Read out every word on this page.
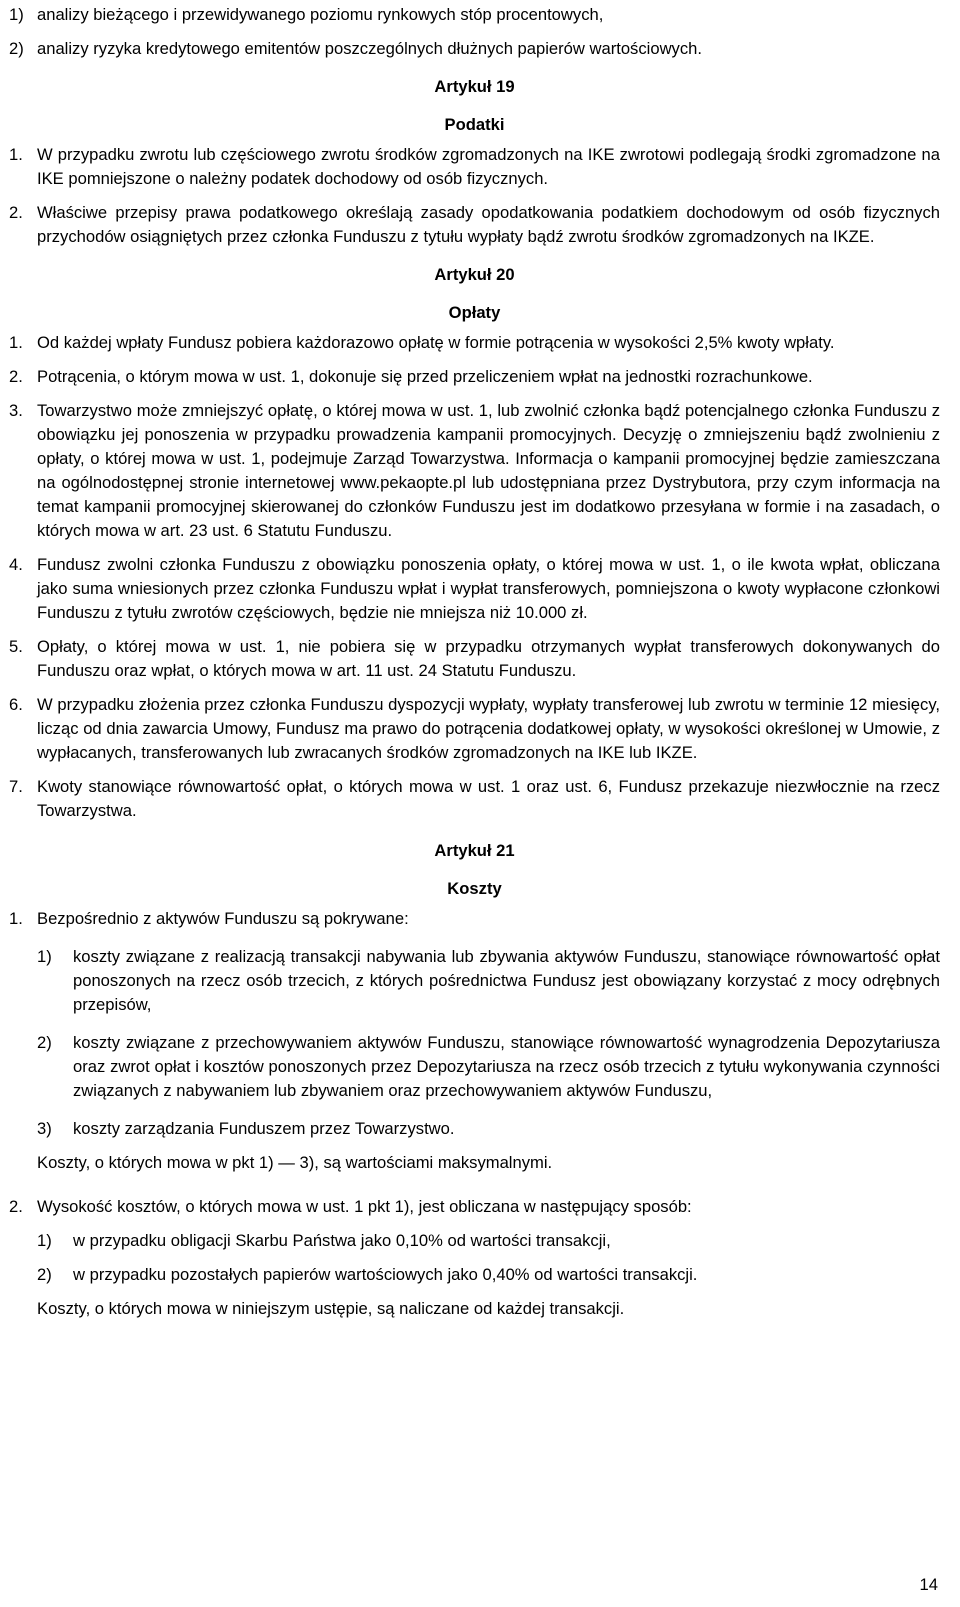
1) analizy bieżącego i przewidywanego poziomu rynkowych stóp procentowych,
2) analizy ryzyka kredytowego emitentów poszczególnych dłużnych papierów wartościowych.
Artykuł 19
Podatki
1. W przypadku zwrotu lub częściowego zwrotu środków zgromadzonych na IKE zwrotowi podlegają środki zgromadzone na IKE pomniejszone o należny podatek dochodowy od osób fizycznych.
2. Właściwe przepisy prawa podatkowego określają zasady opodatkowania podatkiem dochodowym od osób fizycznych przychodów osiągniętych przez członka Funduszu z tytułu wypłaty bądź zwrotu środków zgromadzonych na IKZE.
Artykuł 20
Opłaty
1. Od każdej wpłaty Fundusz pobiera każdorazowo opłatę w formie potrącenia w wysokości 2,5% kwoty wpłaty.
2. Potrącenia, o którym mowa w ust. 1, dokonuje się przed przeliczeniem wpłat na jednostki rozrachunkowe.
3. Towarzystwo może zmniejszyć opłatę, o której mowa w ust. 1, lub zwolnić członka bądź potencjalnego członka Funduszu z obowiązku jej ponoszenia w przypadku prowadzenia kampanii promocyjnych. Decyzję o zmniejszeniu bądź zwolnieniu z opłaty, o której mowa w ust. 1, podejmuje Zarząd Towarzystwa. Informacja o kampanii promocyjnej będzie zamieszczana na ogólnodostępnej stronie internetowej www.pekaopte.pl lub udostępniana przez Dystrybutora, przy czym informacja na temat kampanii promocyjnej skierowanej do członków Funduszu jest im dodatkowo przesyłana w formie i na zasadach, o których mowa w art. 23 ust. 6 Statutu Funduszu.
4. Fundusz zwolni członka Funduszu z obowiązku ponoszenia opłaty, o której mowa w ust. 1, o ile kwota wpłat, obliczana jako suma wniesionych przez członka Funduszu wpłat i wypłat transferowych, pomniejszona o kwoty wypłacone członkowi Funduszu z tytułu zwrotów częściowych, będzie nie mniejsza niż 10.000 zł.
5. Opłaty, o której mowa w ust. 1, nie pobiera się w przypadku otrzymanych wypłat transferowych dokonywanych do Funduszu oraz wpłat, o których mowa w art. 11 ust. 24 Statutu Funduszu.
6. W przypadku złożenia przez członka Funduszu dyspozycji wypłaty, wypłaty transferowej lub zwrotu w terminie 12 miesięcy, licząc od dnia zawarcia Umowy, Fundusz ma prawo do potrącenia dodatkowej opłaty, w wysokości określonej w Umowie, z wypłacanych, transferowanych lub zwracanych środków zgromadzonych na IKE lub IKZE.
7. Kwoty stanowiące równowartość opłat, o których mowa w ust. 1 oraz ust. 6, Fundusz przekazuje niezwłocznie na rzecz Towarzystwa.
Artykuł 21
Koszty
1. Bezpośrednio z aktywów Funduszu są pokrywane:
1)	koszty związane z realizacją transakcji nabywania lub zbywania aktywów Funduszu, stanowiące równowartość opłat ponoszonych na rzecz osób trzecich, z których pośrednictwa Fundusz jest obowiązany korzystać z mocy odrębnych przepisów,
2)	koszty związane z przechowywaniem aktywów Funduszu, stanowiące równowartość wynagrodzenia Depozytariusza oraz zwrot opłat i kosztów ponoszonych przez Depozytariusza na rzecz osób trzecich z tytułu wykonywania czynności związanych z nabywaniem lub zbywaniem oraz przechowywaniem aktywów Funduszu,
3)	koszty zarządzania Funduszem przez Towarzystwo.

Koszty, o których mowa w pkt 1) — 3), są wartościami maksymalnymi.

2. Wysokość kosztów, o których mowa w ust. 1 pkt 1), jest obliczana w następujący sposób:
1)	w przypadku obligacji Skarbu Państwa jako 0,10% od wartości transakcji,
2)	w przypadku pozostałych papierów wartościowych jako 0,40% od wartości transakcji.

Koszty, o których mowa w niniejszym ustępie, są naliczane od każdej transakcji.

14
